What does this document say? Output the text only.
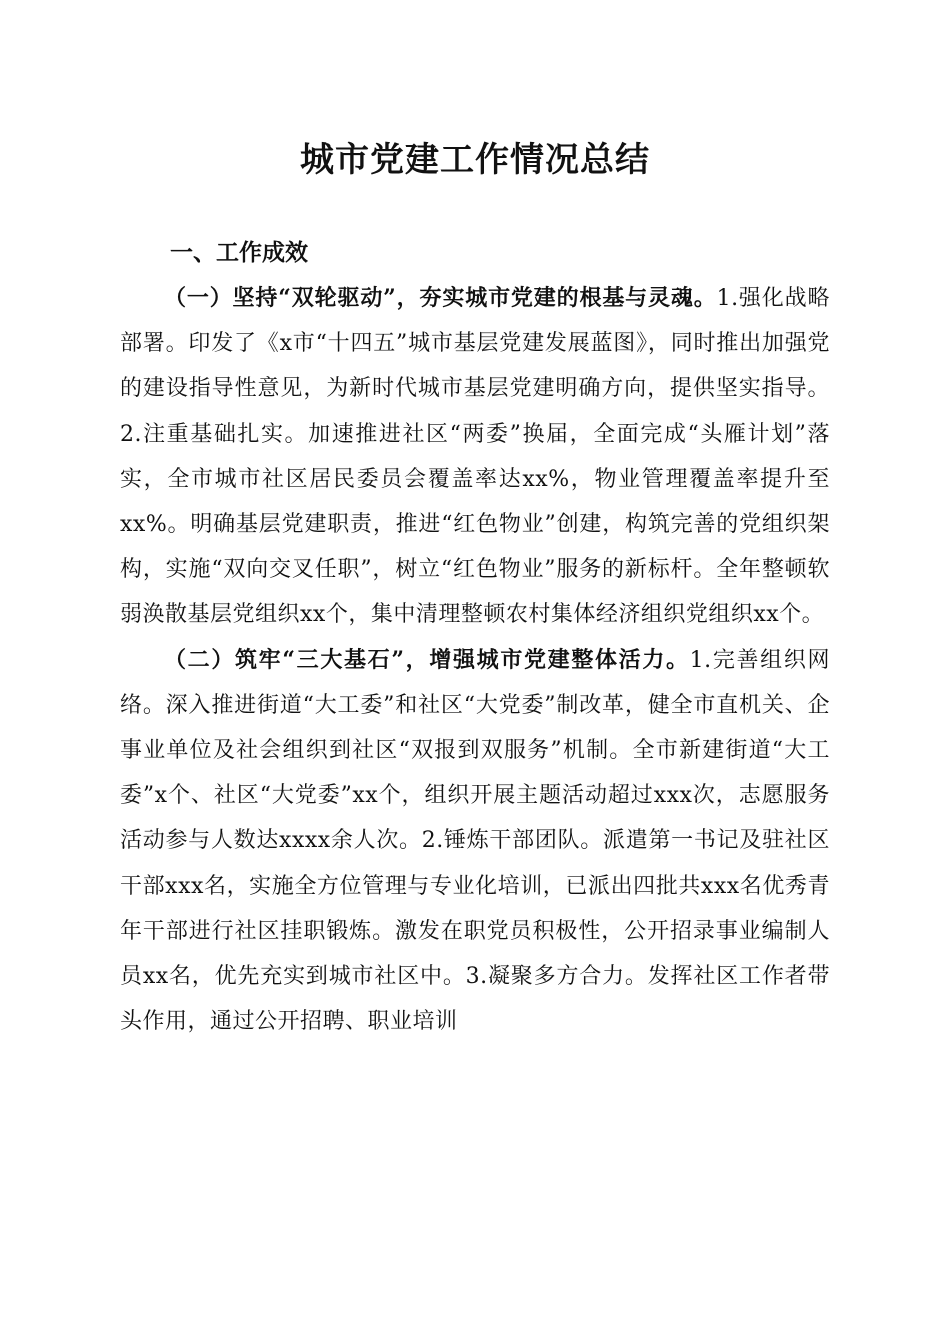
城市党建工作情况总结
一、工作成效

（一）坚持“双轮驱动”，夯实城市党建的根基与灵魂。1.强化战略部署。印发了《x市“十四五”城市基层党建发展蓝图》，同时推出加强党的建设指导性意见，为新时代城市基层党建明确方向，提供坚实指导。2.注重基础扎实。加速推进社区“两委”换届，全面完成“头雁计划”落实，全市城市社区居民委员会覆盖率达xx%，物业管理覆盖率提升至xx%。明确基层党建职责，推进“红色物业”创建，构筑完善的党组织架构，实施“双向交叉任职”，树立“红色物业”服务的新标杆。全年整顿软弱涣散基层党组织xx个，集中清理整顿农村集体经济组织党组织xx个。

（二）筑牢“三大基石”，增强城市党建整体活力。1.完善组织网络。深入推进街道“大工委”和社区“大党委”制改革，健全市直机关、企事业单位及社会组织到社区“双报到双服务”机制。全市新建街道“大工委”x个、社区“大党委”xx个，组织开展主题活动超过xxx次，志愿服务活动参与人数达xxxx余人次。2.锤炼干部团队。派遣第一书记及驻社区干部xxx名，实施全方位管理与专业化培训，已派出四批共xxx名优秀青年干部进行社区挂职锻炼。激发在职党员积极性，公开招录事业编制人员xx名，优先充实到城市社区中。3.凝聚多方合力。发挥社区工作者带头作用，通过公开招聘、职业培训
